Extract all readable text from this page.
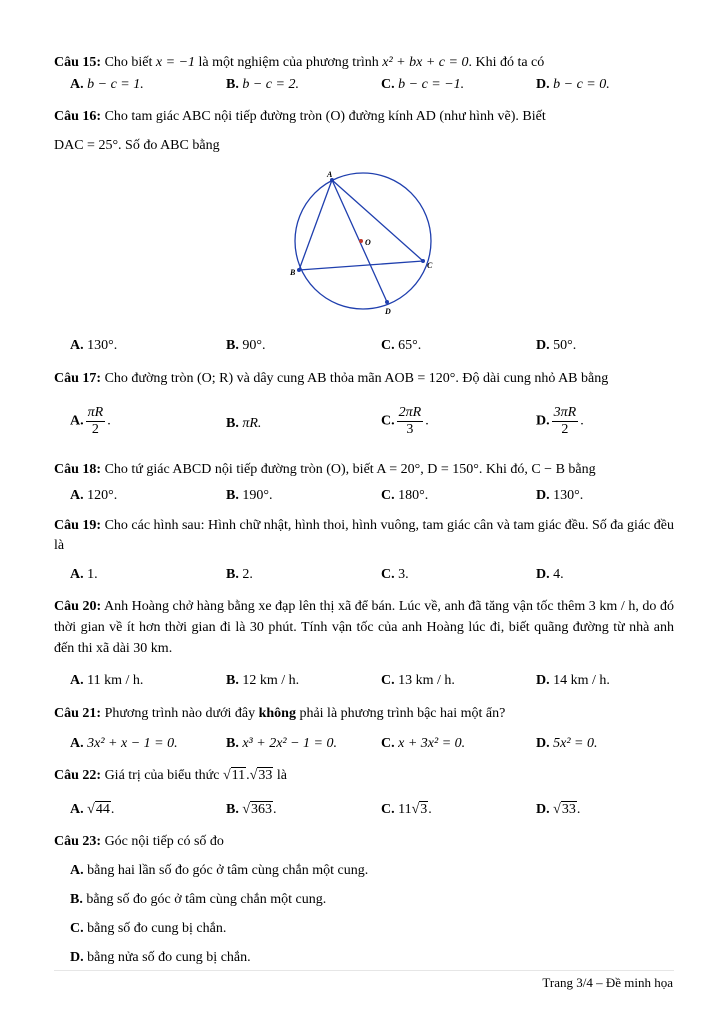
Câu 15: Cho biết x = −1 là một nghiệm của phương trình x² + bx + c = 0. Khi đó ta có
A. b − c = 1.	B. b − c = 2.	C. b − c = −1.	D. b − c = 0.
Câu 16: Cho tam giác ABC nội tiếp đường tròn (O) đường kính AD (như hình vẽ). Biết
DAC = 25°. Số đo ABC bằng
A
B
C
D
O
A. 130°.	B. 90°.	C. 65°.	D. 50°.
Câu 17: Cho đường tròn (O; R) và dây cung AB thỏa mãn AOB = 120°. Độ dài cung nhỏ AB bằng
A. $\frac{\pi R}{2}$ .	B. πR.	C. $\frac{2\pi R}{3}$ .	D. $\frac{3\pi R}{2}$ .
Câu 18: Cho tứ giác ABCD nội tiếp đường tròn (O), biết A = 20°, D = 150°. Khi đó, C − B bằng
A. 120°.	B. 190°.	C. 180°.	D. 130°.
Câu 19: Cho các hình sau: Hình chữ nhật, hình thoi, hình vuông, tam giác cân và tam giác đều. Số đa giác đều là
A. 1.	B. 2.	C. 3.	D. 4.
Câu 20: Anh Hoàng chở hàng bằng xe đạp lên thị xã để bán. Lúc về, anh đã tăng vận tốc thêm 3 km / h, do đó thời gian về ít hơn thời gian đi là 30 phút. Tính vận tốc của anh Hoàng lúc đi, biết quãng đường từ nhà anh đến thi xã dài 30 km.
A. 11 km / h.	B. 12 km / h.	C. 13 km / h.	D. 14 km / h.
Câu 21: Phương trình nào dưới đây không phải là phương trình bậc hai một ẩn?
A. 3x² + x − 1 = 0.	B. x³ + 2x² − 1 = 0.	C. x + 3x² = 0.	D. 5x² = 0.
Câu 22: Giá trị của biểu thức √11.√33 là
A. √44.	B. √363.	C. 11√3.	D. √33.
Câu 23: Góc nội tiếp có số đo
A. bằng hai lần số đo góc ở tâm cùng chắn một cung.
B. bằng số đo góc ở tâm cùng chắn một cung.
C. bằng số đo cung bị chắn.
D. bằng nửa số đo cung bị chắn.
Trang 3/4 – Đề minh họa
